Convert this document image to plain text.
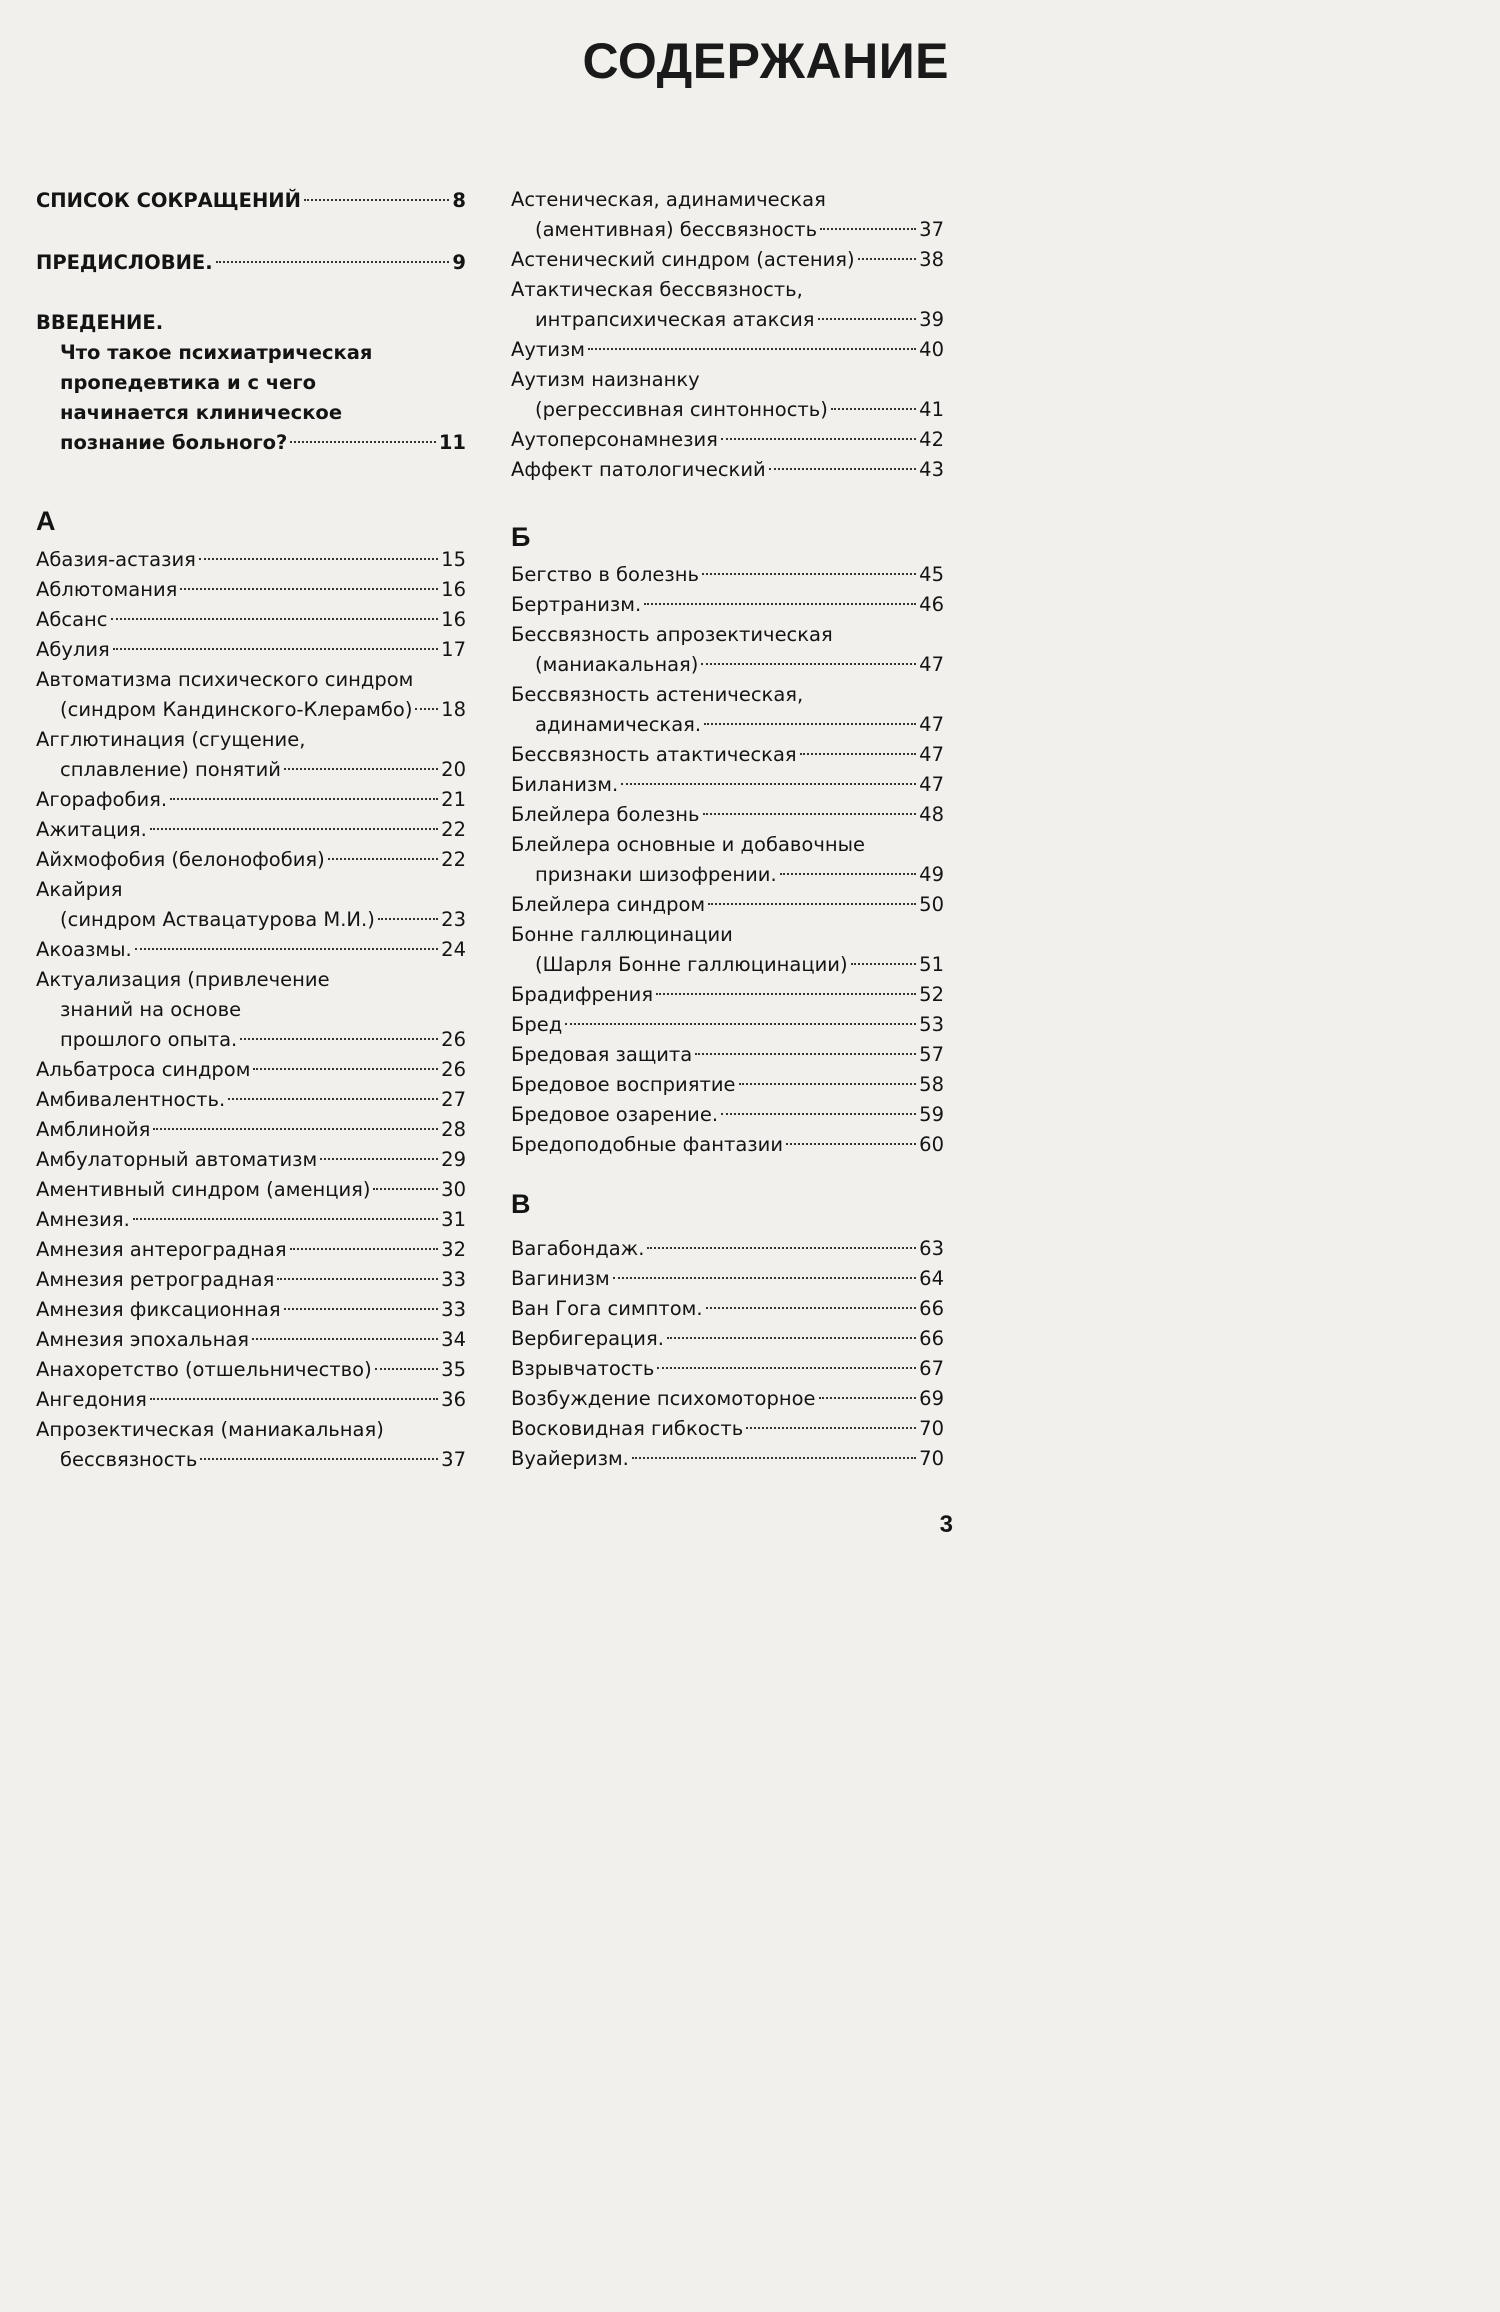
СОДЕРЖАНИЕ
СПИСОК СОКРАЩЕНИЙ	8
ПРЕДИСЛОВИЕ.	9
ВВЕДЕНИЕ.
Что такое психиатрическая
пропедевтика и с чего
начинается клиническое
познание больного?	11
А
Абазия-астазия	15
Аблютомания	16
Абсанс	16
Абулия	17
Автоматизма психического синдром
(синдром Кандинского-Клерамбо) 18
Агглютинация (сгущение,
сплавление) понятий	20
Агорафобия.	21
Ажитация.	22
Айхмофобия (белонофобия)	22
Акайрия
(синдром Аствацатурова М.И.)	23
Акоазмы.	24
Актуализация (привлечение
знаний на основе
прошлого опыта.	26
Альбатроса синдром	26
Амбивалентность.	27
Амблинойя	28
Амбулаторный автоматизм	29
Аментивный синдром (аменция)	30
Амнезия.	31
Амнезия антероградная	32
Амнезия ретроградная	33
Амнезия фиксационная	33
Амнезия эпохальная	34
Анахоретство (отшельничество)	35
Ангедония	36
Апрозектическая (маниакальная)
бессвязность	37
Астеническая, адинамическая
(аментивная) бессвязность	37
Астенический синдром (астения)	38
Атактическая бессвязность,
интрапсихическая атаксия	39
Аутизм	40
Аутизм наизнанку
(регрессивная синтонность)	41
Аутоперсонамнезия	42
Аффект патологический	43
Б
Бегство в болезнь	45
Бертранизм.	46
Бессвязность апрозектическая
(маниакальная)	47
Бессвязность астеническая,
адинамическая.	47
Бессвязность атактическая	47
Биланизм.	47
Блейлера болезнь	48
Блейлера основные и добавочные
признаки шизофрении.	49
Блейлера синдром	50
Бонне галлюцинации
(Шарля Бонне галлюцинации)	51
Брадифрения	52
Бред	53
Бредовая защита	57
Бредовое восприятие	58
Бредовое озарение.	59
Бредоподобные фантазии	60
В
Вагабондаж.	63
Вагинизм	64
Ван Гога симптом.	66
Вербигерация.	66
Взрывчатость	67
Возбуждение психомоторное	69
Восковидная гибкость	70
Вуайеризм.	70
3
